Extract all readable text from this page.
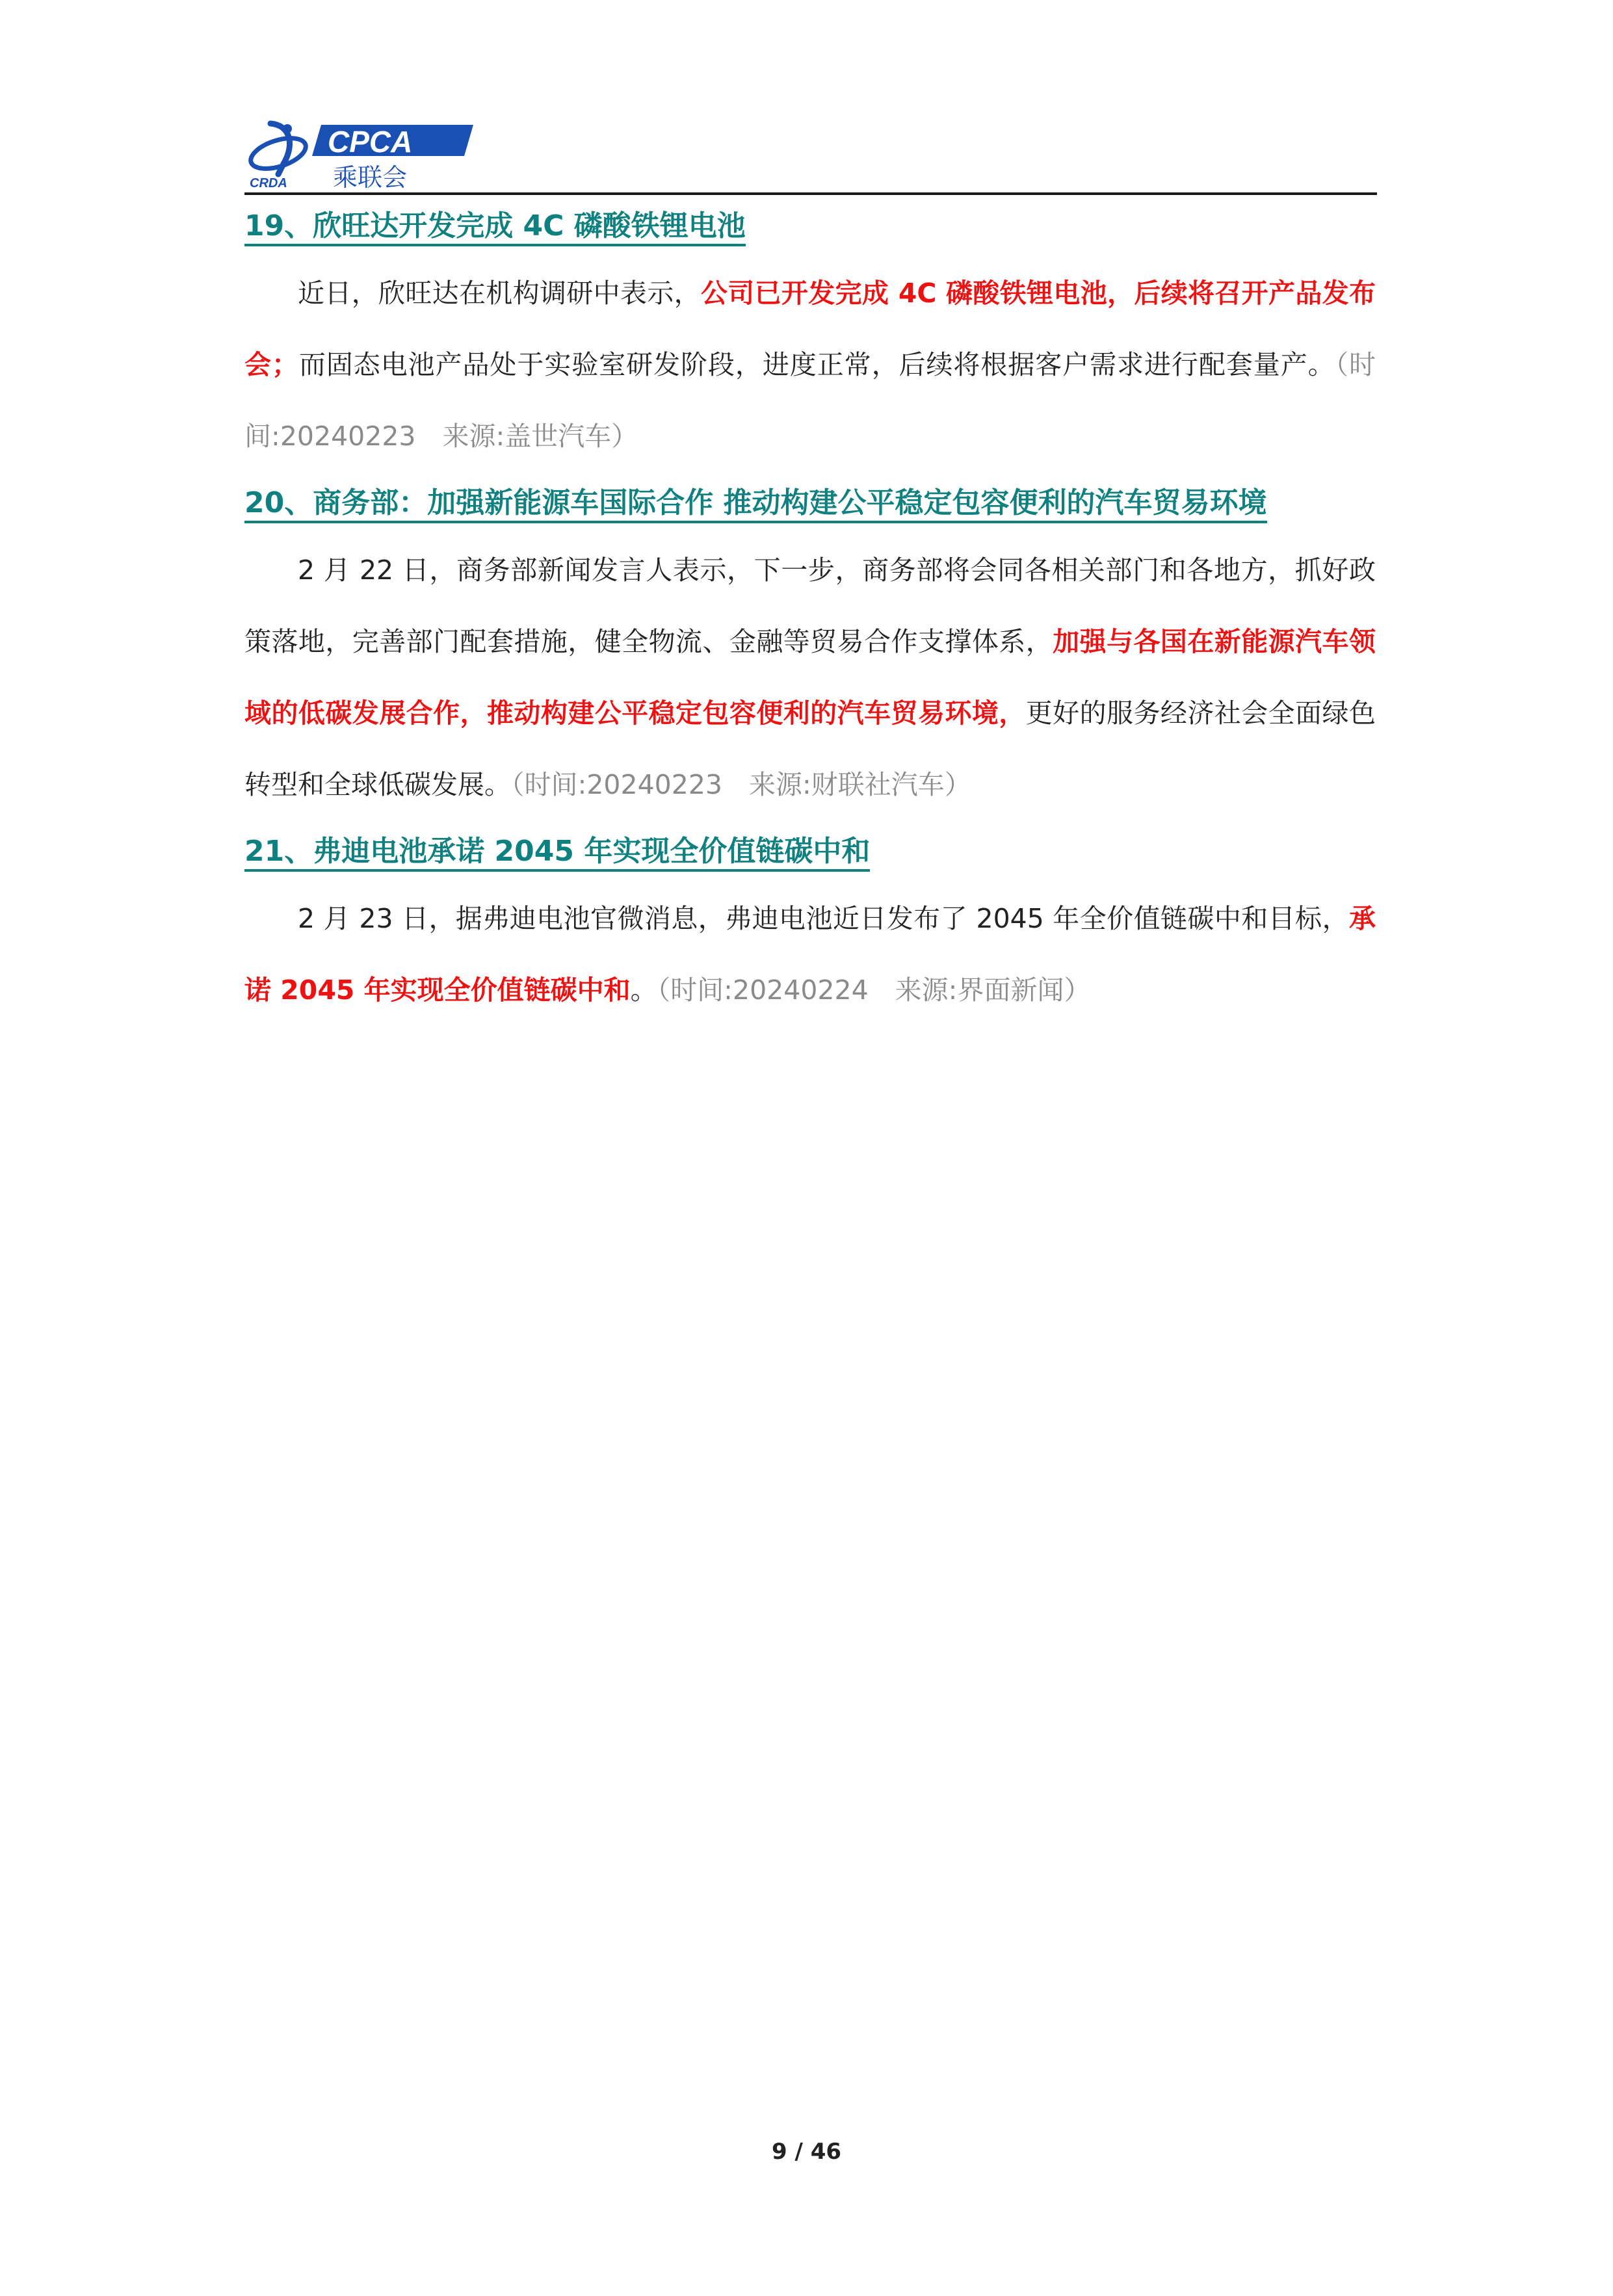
CRDA
CPCA
乘联会
19、欣旺达开发完成 4C 磷酸铁锂电池

近日，欣旺达在机构调研中表示，公司已开发完成 4C 磷酸铁锂电池，后续将召开产品发布会；而固态电池产品处于实验室研发阶段，进度正常，后续将根据客户需求进行配套量产。（时间:20240223　来源:盖世汽车）

20、商务部：加强新能源车国际合作 推动构建公平稳定包容便利的汽车贸易环境

2 月 22 日，商务部新闻发言人表示，下一步，商务部将会同各相关部门和各地方，抓好政策落地，完善部门配套措施，健全物流、金融等贸易合作支撑体系，加强与各国在新能源汽车领域的低碳发展合作，推动构建公平稳定包容便利的汽车贸易环境，更好的服务经济社会全面绿色转型和全球低碳发展。（时间:20240223　来源:财联社汽车）

21、弗迪电池承诺 2045 年实现全价值链碳中和

2 月 23 日，据弗迪电池官微消息，弗迪电池近日发布了 2045 年全价值链碳中和目标，承诺 2045 年实现全价值链碳中和。（时间:20240224　来源:界面新闻）

9 / 46
